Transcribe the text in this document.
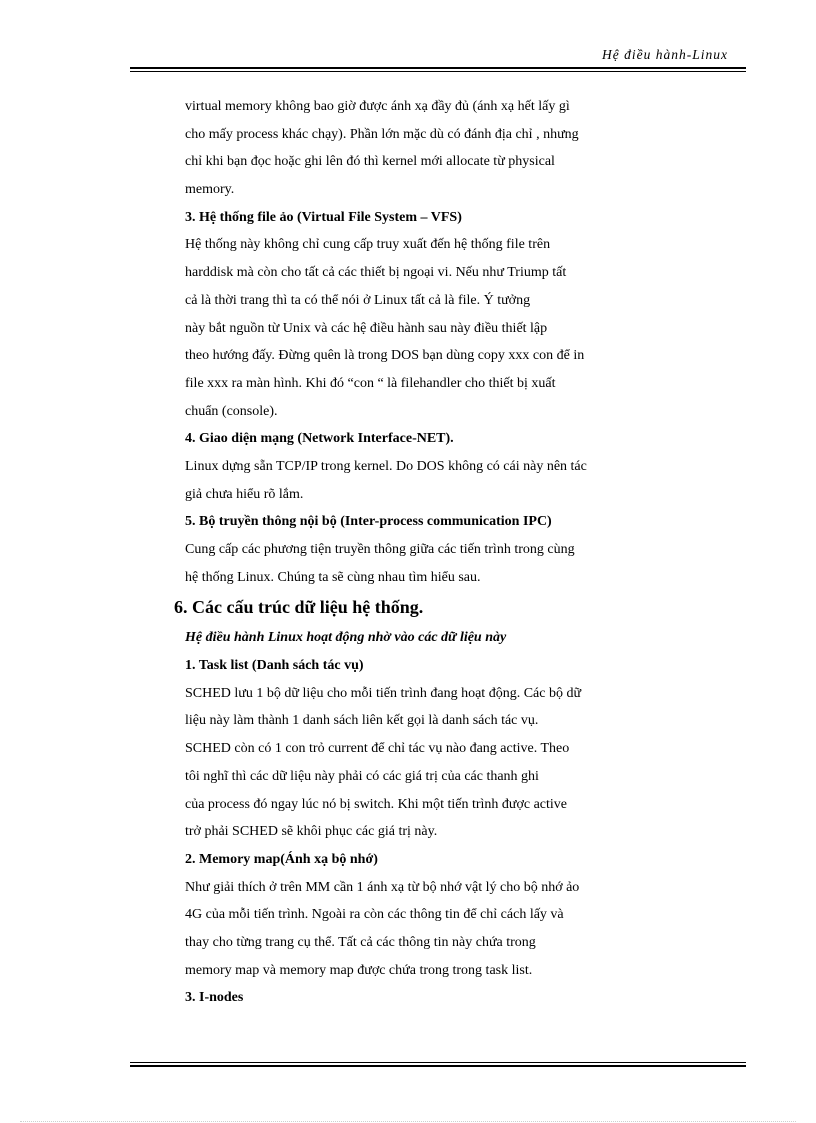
Hệ điều hành-Linux
virtual memory không bao giờ được ánh xạ đầy đủ (ánh xạ hết lấy gì
cho mấy process khác chạy). Phần lớn mặc dù có đánh địa chỉ , nhưng
chỉ khi bạn đọc hoặc ghi lên đó thì kernel mới allocate từ physical
memory.
3. Hệ thống file ảo (Virtual File System – VFS)
Hệ thống này không chỉ cung cấp truy xuất đến hệ thống file trên
harddisk mà còn cho tất cả các thiết bị ngoại vi. Nếu như Triump tất
cả là thời trang thì ta có thể nói ở Linux tất cả là file. Ý tưởng
này bắt nguồn từ Unix và các hệ điều hành sau này điều thiết lập
theo hướng đấy. Đừng quên là trong DOS bạn dùng copy xxx con để in
file xxx ra màn hình. Khi đó “con “ là filehandler cho thiết bị xuất
chuẩn (console).
4. Giao diện mạng (Network Interface-NET).
Linux dựng sẵn TCP/IP trong kernel. Do DOS không có cái này nên tác
giả chưa hiểu rõ lắm.
5. Bộ truyền thông nội bộ (Inter-process communication IPC)
Cung cấp các phương tiện truyền thông giữa các tiến trình trong cùng
hệ thống Linux. Chúng ta sẽ cùng nhau tìm hiểu sau.
6. Các cấu trúc dữ liệu hệ thống.
Hệ điều hành Linux hoạt động nhờ vào các dữ liệu này
1. Task list (Danh sách tác vụ)
SCHED lưu 1 bộ dữ liệu cho mỗi tiến trình đang hoạt động. Các bộ dữ
liệu này làm thành 1 danh sách liên kết gọi là danh sách tác vụ.
SCHED còn có 1 con trỏ current để chỉ tác vụ nào đang active. Theo
tôi nghĩ thì các dữ liệu này phải có các giá trị của các thanh ghi
của process đó ngay lúc nó bị switch. Khi một tiến trình được active
trở phải SCHED sẽ khôi phục các giá trị này.
2. Memory map(Ánh xạ bộ nhớ)
Như giải thích ở trên MM cần 1 ánh xạ từ bộ nhớ vật lý cho bộ nhớ ảo
4G của mỗi tiến trình. Ngoài ra còn các thông tin để chỉ cách lấy và
thay cho từng trang cụ thể. Tất cả các thông tin này chứa trong
memory map và memory map được chứa trong trong task list.
3. I-nodes
